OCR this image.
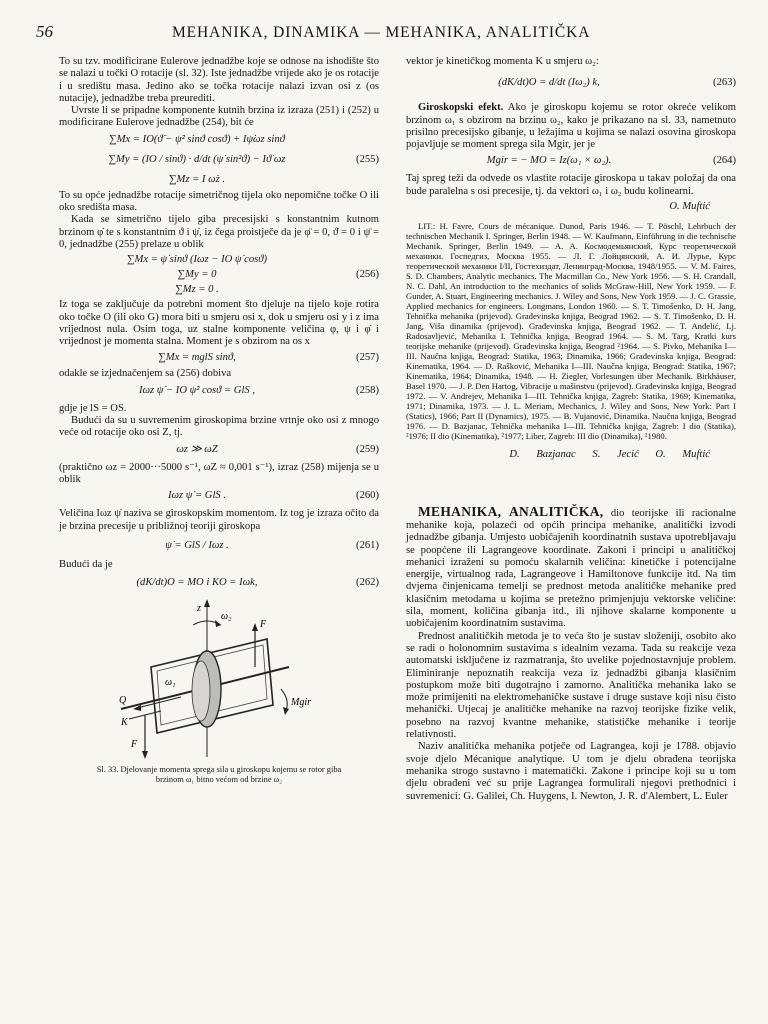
56	MEHANIKA, DINAMIKA — MEHANIKA, ANALITIČKA

To su tzv. modificirane Eulerove jednadžbe koje se odnose na ishodište što se nalazi u točki O rotacije (sl. 32). Iste jednadžbe vrijede ako je os rotacije i u središtu masa. Jedino ako se točka rotacije nalazi izvan osi z (os nutacije), jednadžbe treba preurediti.

Uvrste li se pripadne komponente kutnih brzina iz izraza (251) i (252) u modificirane Eulerove jednadžbe (254), bit će

∑Mx = IO(ϑ̈ − ψ̇² sinϑ cosϑ) + Iψ̇ωz sinϑ
∑My = (IO / sinϑ) · d/dt (ψ̇ sin²ϑ) − Iϑ̇ ωz	(255)
∑Mz = I ω̇z .

To su opće jednadžbe rotacije simetričnog tijela oko nepomične točke O ili oko središta masa.

Kada se simetrično tijelo giba precesijski s konstantnim kutnom brzinom φ̇ te s konstantnim ϑ i ψ̇, iz čega proistječe da je φ̈ = 0, ϑ̇ = 0 i ψ̈ = 0, jednadžbe (255) prelaze u oblik

∑Mx = ψ̇ sinϑ (Iωz − IO ψ̇ cosϑ)
∑My = 0	(256)
∑Mz = 0 .

Iz toga se zaključuje da potrebni moment što djeluje na tijelo koje rotira oko točke O (ili oko G) mora biti u smjeru osi x, dok u smjeru osi y i z ima vrijednost nula. Osim toga, uz stalne komponente veličina φ, ψ i φ̇ i vrijednost je momenta stalna. Moment je s obzirom na os x

∑Mx = mglS sinϑ,	(257)

odakle se izjednačenjem sa (256) dobiva

Iωz ψ̇ − IO ψ̇² cosϑ = GlS ,	(258)

gdje je lS = OS.

Budući da su u suvremenim giroskopima brzine vrtnje oko osi z mnogo veće od rotacije oko osi Z, tj.

ωz ≫ ωZ	(259)

(praktično ωz = 2000···5000 s⁻¹, ωZ ≈ 0,001 s⁻¹), izraz (258) mijenja se u oblik

Iωz ψ̇ = GlS .	(260)

Veličina Iωz ψ̇ naziva se giroskopskim momentom. Iz tog je izraza očito da je brzina precesije u približnoj teoriji giroskopa

ψ̇ = GlS / Iωz .	(261)

Budući da je

(dK/dt)O = MO i KO = Iωk,	(262)
z
ω₂
F
ω₁
Q
K
F
Mgir

Sl. 33. Djelovanje momenta sprega sila u giroskopu kojemu se rotor giba brzinom ω₁ bitno većom od brzine ω₂

vektor je kinetičkog momenta K u smjeru ω₂:

(dK/dt)O = d/dt (Iω₂) k,	(263)

Giroskopski efekt. Ako je giroskopu kojemu se rotor okreće velikom brzinom ω₁ s obzirom na brzinu ω₂, kako je prikazano na sl. 33, nametnuto prisilno precesijsko gibanje, u ležajima u kojima se nalazi osovina giroskopa pojavljuje se moment sprega sila Mgir, jer je

Mgir = − MO = Iz(ω₁ × ω₂).	(264)

Taj spreg teži da odvede os vlastite rotacije giroskopa u takav položaj da ona bude paralelna s osi precesije, tj. da vektori ω₁ i ω₂ budu kolinearni.

O. Muftić

LIT.: H. Favre, Cours de mécanique. Dunod, Paris 1946. — T. Pöschl, Lehrbuch der technischen Mechanik I. Springer, Berlin 1948. — W. Kaufmann, Einführung in die technische Mechanik. Springer, Berlin 1949. — А. А. Космодемьянский, Курс теоретической механики. Госпедгиз, Москва 1955. — Л. Г. Лойцянский, А. И. Лурье, Курс теоретической механики I/II, Гостехиздат, Ленинград-Москва, 1948/1955. — V. M. Faires, S. D. Chambers, Analytic mechanics. The Macmillan Co., New York 1956. — S. H. Crandall, N. C. Dahl, An introduction to the mechanics of solids McGraw-Hill, New York 1959. — F. Gunder, A. Stuart, Engineering mechanics. J. Wiley and Sons, New York 1959. — J. C. Grassie, Applied mechanics for engineers. Longmans, London 1960. — S. T. Timošenko, D. H. Jang, Tehnička mehanika (prijevod). Građevinska knjiga, Beograd 1962. — S. T. Timošenko, D. H. Jang, Viša dinamika (prijevod). Građevinska knjiga, Beograd 1962. — T. Anđelić, Lj. Radosavljević, Mehanika I. Tehnička knjiga, Beograd 1964. — S. M. Targ, Kratki kurs teorijske mehanike (prijevod). Građevinska knjiga, Beograd ²1964. — S. Pivko, Mehanika I—III. Naučna knjiga, Beograd: Statika, 1963; Dinamika, 1966; Građevinska knjiga, Beograd: Kinematika, 1964. — D. Rašković, Mehanika I—III. Naučna knjiga, Beograd: Statika, 1967; Kinematika, 1964; Dinamika, 1948. — H. Ziegler, Vorlesungen über Mechanik. Birkhäuser, Basel 1970. — J. P. Den Hartog, Vibracije u mašinstvu (prijevod). Građevinska knjiga, Beograd 1972. — V. Andrejev, Mehanika I—III. Tehnička knjiga, Zagreb: Statika, 1969; Kinematika, 1971; Dinamika, 1973. — J. L. Meriam, Mechanics, J. Wiley and Sons, New York: Part I (Statics), 1966; Part II (Dynamics), 1975. — B. Vujanović, Dinamika. Naučna knjiga, Beograd 1976. — D. Bazjanac, Tehnička mehanika I—III. Tehnička knjiga, Zagreb: I dio (Statika), ²1976; II dio (Kinematika), ²1977; Liber, Zagreb: III dio (Dinamika), ²1980.

D. Bazjanac S. Jecić O. Muftić

MEHANIKA, ANALITIČKA, dio teorijske ili racionalne mehanike koja, polazeći od općih principa mehanike, analitički izvodi jednadžbe gibanja. Umjesto uobičajenih koordinatnih sustava upotrebljavaju se poopćene ili Lagrangeove koordinate. Zakoni i principi u analitičkoj mehanici izraženi su pomoću skalarnih veličina: kinetičke i potencijalne energije, virtualnog rada, Lagrangeove i Hamiltonove funkcije itd. Na tim dvjema činjenicama temelji se prednost metoda analitičke mehanike pred klasičnim metodama u kojima se pretežno primjenjuju vektorske veličine: sila, moment, količina gibanja itd., ili njihove skalarne komponente u uobičajenim koordinatnim sustavima.

Prednost analitičkih metoda je to veća što je sustav složeniji, osobito ako se radi o holonomnim sustavima s idealnim vezama. Tada su reakcije veza automatski isključene iz razmatranja, što uvelike pojednostavnjuje problem. Eliminiranje nepoznatih reakcija veza iz jednadžbi gibanja klasičnim postupkom može biti dugotrajno i zamorno. Analitička mehanika lako se može primijeniti na elektromehaničke sustave i druge sustave koji nisu čisto mehanički. Utjecaj je analitičke mehanike na razvoj teorijske fizike velik, posebno na razvoj kvantne mehanike, statističke mehanike i teorije relativnosti.

Naziv analitička mehanika potječe od Lagrangea, koji je 1788. objavio svoje djelo Mécanique analytique. U tom je djelu obrađena teorijska mehanika strogo sustavno i matematički. Zakone i principe koji su u tom djelu obrađeni već su prije Lagrangea formulirali njegovi prethodnici i suvremenici: G. Galilei, Ch. Huygens, I. Newton, J. R. d'Alembert, L. Euler
